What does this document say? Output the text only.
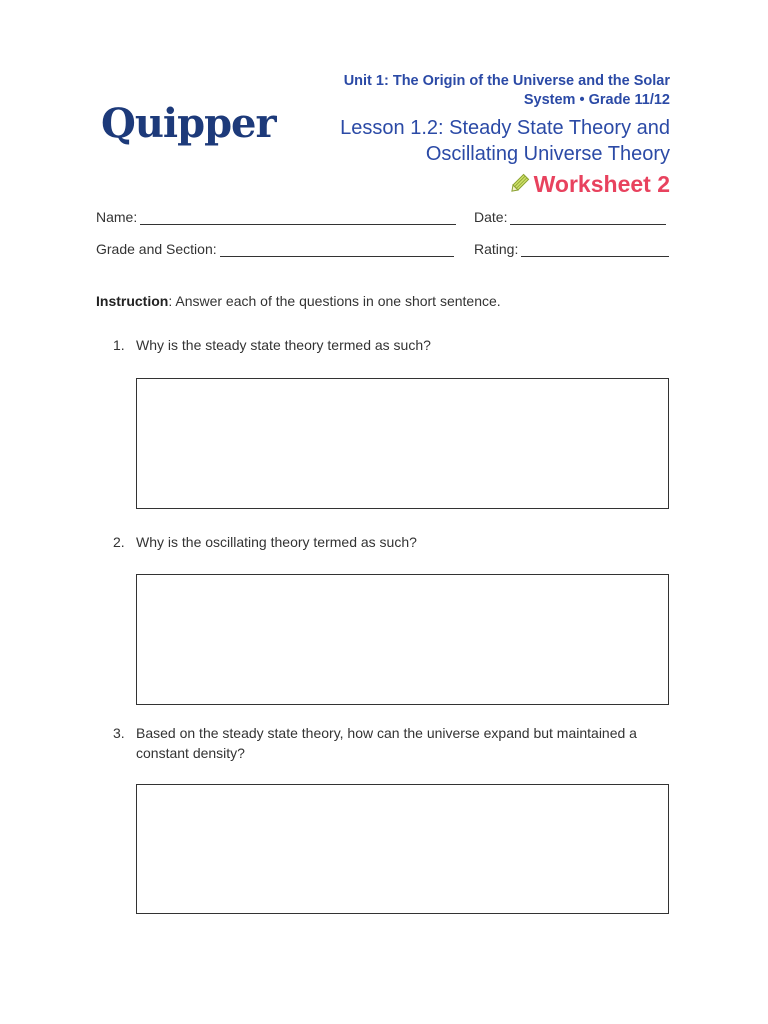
Quipper
Unit 1: The Origin of the Universe and the Solar
System • Grade 11/12
Lesson 1.2: Steady State Theory and
Oscillating Universe Theory
Worksheet 2
Name:	Date:
Grade and Section:	Rating:
Instruction: Answer each of the questions in one short sentence.
1. Why is the steady state theory termed as such?
2. Why is the oscillating theory termed as such?
3. Based on the steady state theory, how can the universe expand but maintained a
constant density?
